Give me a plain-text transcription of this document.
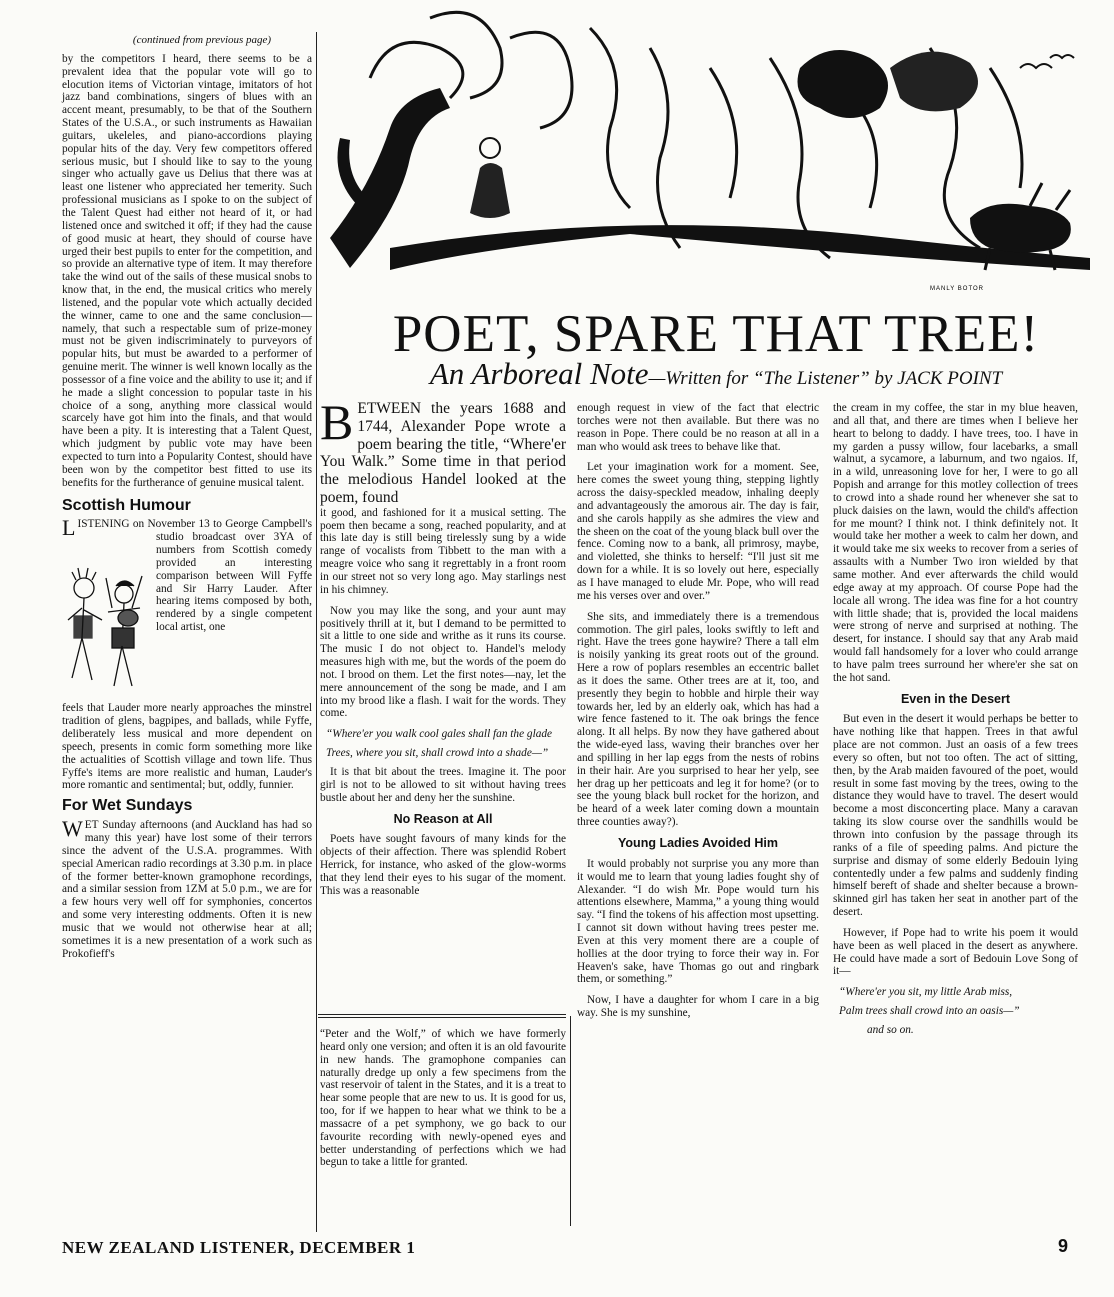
(continued from previous page)

by the competitors I heard, there seems to be a prevalent idea that the popular vote will go to elocution items of Victorian vintage, imitators of hot jazz band combinations, singers of blues with an accent meant, presumably, to be that of the Southern States of the U.S.A., or such instruments as Hawaiian guitars, ukeleles, and piano-accordions playing popular hits of the day. Very few competitors offered serious music, but I should like to say to the young singer who actually gave us Delius that there was at least one listener who appreciated her temerity. Such professional musicians as I spoke to on the subject of the Talent Quest had either not heard of it, or had listened once and switched it off; if they had the cause of good music at heart, they should of course have urged their best pupils to enter for the competition, and so provide an alternative type of item. It may therefore take the wind out of the sails of these musical snobs to know that, in the end, the musical critics who merely listened, and the popular vote which actually decided the winner, came to one and the same conclusion—namely, that such a respectable sum of prize-money must not be given indiscriminately to purveyors of popular hits, but must be awarded to a performer of genuine merit. The winner is well known locally as the possessor of a fine voice and the ability to use it; and if he made a slight concession to popular taste in his choice of a song, anything more classical would scarcely have got him into the finals, and that would have been a pity. It is interesting that a Talent Quest, which judgment by public vote may have been expected to turn into a Popularity Contest, should have been won by the competitor best fitted to use its benefits for the furtherance of genuine musical talent.

Scottish Humour
L ISTENING on November 13 to George Campbell's studio broadcast over 3YA of numbers from Scottish comedy provided an interesting comparison between Will Fyffe and Sir Harry Lauder. After hearing items composed by both, rendered by a single competent local artist, one

feels that Lauder more nearly approaches the minstrel tradition of glens, bagpipes, and ballads, while Fyffe, deliberately less musical and more dependent on speech, presents in comic form something more like the actualities of Scottish village and town life. Thus Fyffe's items are more realistic and human, Lauder's more romantic and sentimental; but, oddly, funnier.

For Wet Sundays

WET Sunday afternoons (and Auckland has had so many this year) have lost some of their terrors since the advent of the U.S.A. programmes. With special American radio recordings at 3.30 p.m. in place of the former better-known gramophone recordings, and a similar session from 1ZM at 5.0 p.m., we are for a few hours very well off for symphonies, concertos and some very interesting oddments. Often it is new music that we would not otherwise hear at all; sometimes it is a new presentation of a work such as Prokofieff's

MANLY BOTOR
POET, SPARE THAT TREE!
An Arboreal Note—Written for “The Listener” by JACK POINT
BETWEEN the years 1688 and 1744, Alexander Pope wrote a poem bearing the title, “Where'er You Walk.” Some time in that period the melodious Handel looked at the poem, found

it good, and fashioned for it a musical setting. The poem then became a song, reached popularity, and at this late day is still being tirelessly sung by a wide range of vocalists from Tibbett to the man with a meagre voice who sang it regrettably in a front room in our street not so very long ago. May starlings nest in his chimney.

Now you may like the song, and your aunt may positively thrill at it, but I demand to be permitted to sit a little to one side and writhe as it runs its course. The music I do not object to. Handel's melody measures high with me, but the words of the poem do not. I brood on them. Let the first notes—nay, let the mere announcement of the song be made, and I am into my brood like a flash. I wait for the words. They come.

“Where'er you walk cool gales shall fan the glade
Trees, where you sit, shall crowd into a shade—”

It is that bit about the trees. Imagine it. The poor girl is not to be allowed to sit without having trees bustle about her and deny her the sunshine.

No Reason at All

Poets have sought favours of many kinds for the objects of their affection. There was splendid Robert Herrick, for instance, who asked of the glow-worms that they lend their eyes to his sugar of the moment. This was a reasonable

enough request in view of the fact that electric torches were not then available. But there was no reason in Pope. There could be no reason at all in a man who would ask trees to behave like that.

Let your imagination work for a moment. See, here comes the sweet young thing, stepping lightly across the daisy-speckled meadow, inhaling deeply and advantageously the amorous air. The day is fair, and she carols happily as she admires the view and the sheen on the coat of the young black bull over the fence. Coming now to a bank, all primrosy, maybe, and violetted, she thinks to herself: “I'll just sit me down for a while. It is so lovely out here, especially as I have managed to elude Mr. Pope, who will read me his verses over and over.”

She sits, and immediately there is a tremendous commotion. The girl pales, looks swiftly to left and right. Have the trees gone haywire? There a tall elm is noisily yanking its great roots out of the ground. Here a row of poplars resembles an eccentric ballet as it does the same. Other trees are at it, too, and presently they begin to hobble and hirple their way towards her, led by an elderly oak, which has had a wire fence fastened to it. The oak brings the fence along. It all helps. By now they have gathered about the wide-eyed lass, waving their branches over her and spilling in her lap eggs from the nests of robins in their hair. Are you surprised to hear her yelp, see her drag up her petticoats and leg it for home? (or to see the young black bull rocket for the horizon, and be heard of a week later coming down a mountain three counties away?).

Young Ladies Avoided Him

It would probably not surprise you any more than it would me to learn that young ladies fought shy of Alexander. “I do wish Mr. Pope would turn his attentions elsewhere, Mamma,” a young thing would say. “I find the tokens of his affection most upsetting. I cannot sit down without having trees pester me. Even at this very moment there are a couple of hollies at the door trying to force their way in. For Heaven's sake, have Thomas go out and ringbark them, or something.”

Now, I have a daughter for whom I care in a big way. She is my sunshine,

the cream in my coffee, the star in my blue heaven, and all that, and there are times when I believe her heart to belong to daddy. I have trees, too. I have in my garden a pussy willow, four lacebarks, a small walnut, a sycamore, a laburnum, and two ngaios. If, in a wild, unreasoning love for her, I were to go all Popish and arrange for this motley collection of trees to crowd into a shade round her whenever she sat to pluck daisies on the lawn, would the child's affection for me mount? I think not. I think definitely not. It would take her mother a week to calm her down, and it would take me six weeks to recover from a series of assaults with a Number Two iron wielded by that same mother. And ever afterwards the child would edge away at my approach. Of course Pope had the locale all wrong. The idea was fine for a hot country with little shade; that is, provided the local maidens were strong of nerve and surprised at nothing. The desert, for instance. I should say that any Arab maid would fall handsomely for a lover who could arrange to have palm trees surround her where'er she sat on the hot sand.

Even in the Desert

But even in the desert it would perhaps be better to have nothing like that happen. Trees in that awful place are not common. Just an oasis of a few trees every so often, but not too often. The act of sitting, then, by the Arab maiden favoured of the poet, would result in some fast moving by the trees, owing to the distance they would have to travel. The desert would become a most disconcerting place. Many a caravan taking its slow course over the sandhills would be thrown into confusion by the passage through its ranks of a file of speeding palms. And picture the surprise and dismay of some elderly Bedouin lying contentedly under a few palms and suddenly finding himself bereft of shade and shelter because a brown-skinned girl has taken her seat in another part of the desert.

However, if Pope had to write his poem it would have been as well placed in the desert as anywhere. He could have made a sort of Bedouin Love Song of it—

“Where'er you sit, my little Arab miss,
Palm trees shall crowd into an oasis—”
and so on.

“Peter and the Wolf,” of which we have formerly heard only one version; and often it is an old favourite in new hands. The gramophone companies can naturally dredge up only a few specimens from the vast reservoir of talent in the States, and it is a treat to hear some people that are new to us. It is good for us, too, for if we happen to hear what we think to be a massacre of a pet symphony, we go back to our favourite recording with newly-opened eyes and better understanding of perfections which we had begun to take a little for granted.

NEW ZEALAND LISTENER, DECEMBER 1	9
